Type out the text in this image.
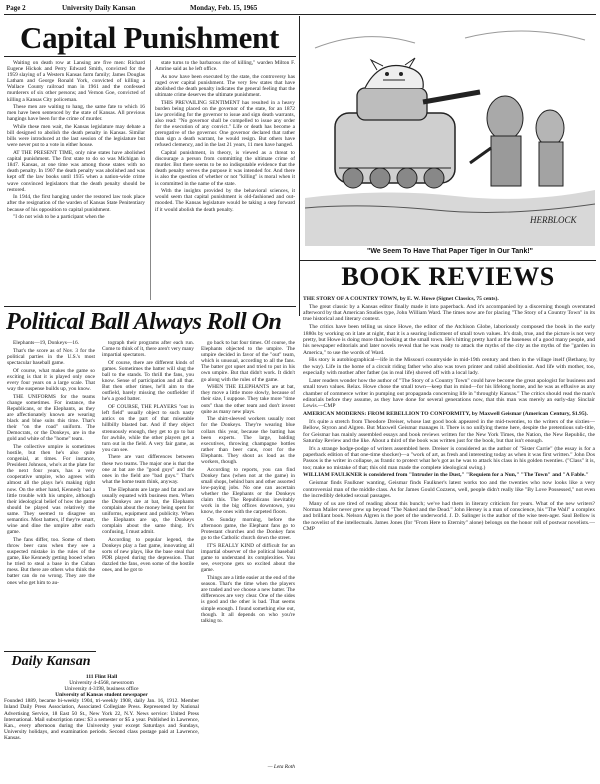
Page 2	University Daily Kansan	Monday, Feb. 15, 1965
Capital Punishment

Waiting on death row at Lansing are five men: Richard Eugene Hickok and Perry Edward Smith, convicted for the 1959 slaying of a Western Kansas farm family; James Douglas Latham and George Ronald York, convicted of killing a Wallace County railroad man in 1961 and the confessed murderers of six other persons; and Vernon Goe, convicted of killing a Kansas City policeman.

These men are waiting to hang, the same fate to which 16 men have been sentenced by the state of Kansas. All previous hangings have been for the crime of murder.

While these men wait, the Kansas legislature may debate a bill designed to abolish the death penalty in Kansas. Similar bills were introduced at the last session of the legislature but were never put to a vote in either house.

AT THE PRESENT TIME, only nine states have abolished capital punishment. The first state to do so was Michigan in 1847. Kansas, at one time was among those states with no death penalty. In 1907 the death penalty was abolished and was kept off the law books until 1935 when a nation-wide crime wave convinced legislators that the death penalty should be restored.

In 1944, the first hanging under the restored law took place after the resignation of the warden of Kansas State Penitentiary because of his opposition to capital punishment.

"I do not wish to be a participant when the

state turns to the barbarous rite of killing," warden Milton F. Amrine said as he left office.

As now have been executed by the state, the controversy has raged over capital punishment. The very few states that have abolished the death penalty indicates the general feeling that the ultimate crime deserves the ultimate punishment.

THIS PREVAILING SENTIMENT has resulted in a heavy burden being placed on the governor of the state, for an 1872 law providing for the governor to issue and sign death warrants, also read: "No governor shall be compelled to issue any order for the execution of any convict." Life or death has become a prerogative of the governor. One governor declared that rather than sign a death warrant, he would resign. But others have refused clemency, and in the last 21 years, 11 men have hanged.

Capital punishment, in theory, is viewed as a threat to discourage a person from committing the ultimate crime of murder. But there seems to be no indisputable evidence that the death penalty serves the purpose it was intended for. And there is also the question of whether or not "killing" is moral when it is committed in the name of the state.

With the insights provided by the behavioral sciences, it would seem that capital punishment is old-fashioned and out-mooded. The Kansas legislature would be taking a step forward if it would abolish the death penalty.

HERBLOCK
"We Seem To Have That Paper Tiger In Our Tank!"
Political Ball Always Roll On

Elephants—19, Donkeys—16.

That's the score as of Nov. 3 for the political parties in the U.S.'s most spectacular baseball game.

Of course, what makes the game so exciting is that it is played only once every four years on a large scale. That way the suspense builds up, you know.

THE UNIFORMS for the teams change sometimes. For instance, the Republicans, or the Elephants, as they are affectionately known are wearing black and blue suits this time. That's their "on the road" uniform. The Democrats, or the Donkeys, are in the gold and white of the "home" team.

The collective umpire is sometimes hostile, but then he's also quite congenial, at times. For instance, President Johnson, who's at the plate for the next four years, has a very cooperative umpire, who agrees with almost all the plays he's making right now. On the other hand, Kennedy had a little trouble with his umpire, although their ideological belief of how the game should be played was relatively the same. They seemed to disagree on semantics. Most batters, if they're smart, wine and dine the umpire after each game.

The fans differ, too. Some of them throw beer cans when they see a suspected mistake in the rules of the game, like Kennedy getting booed when he tried to steal a base in the Cuban mess. But there are others who think the batter can do no wrong. They are the ones who get him to au-

tograph their programs after each run. Come to think of it, there aren't very many impartial spectators.

Of course, there are different kinds of games. Sometimes the batter will slug the ball to the stands. To thrill the fans, you know. Sense of participation and all that. But then other times, he'll aim to the outfield, barely missing the outfielder if he's a good batter.

OF COURSE, THE PLAYERS "out in left field" usually object to such nasty antics on the part of that miserable hillbilly blasted bat. And if they object strenuously enough, they get to go to bat for awhile, while the other players get a turn out in the field. A very fair game, as you can see.

There are vast differences between these two teams. The major one is that the one at bat are the "good guys" and the ones in the field are "bad guys." That's what the home team think, anyway.

The Elephants are large and fat and are usually equated with business men. When the Donkeys are at bat, the Elephants complain about the money being spent for uniforms, equipment and publicity. When the Elephants are up, the Donkeys complain about the same thing. It's confusing, I must admit.

According to popular legend, the Donkeys play a fast game, innovating all sorts of new plays, like the base steal that PDR played during the depression. That dazzled the fans, even some of the hostile ones, and he got to

go back to bat four times. Of course, the Elephants objected to the umpire. The umpire decided in favor of the "out" team, which is unusual, according to all the fans. The batter got upset and tried to put in his own umpire. But that didn't work. It didn't go along with the rules of the game.

WHEN THE ELEPHANTS are at bat, they move a little more slowly, because of their size, I suppose. They take more "time outs" than the other team and don't invent quite as many new plays.

The shirt-sleeved workers usually root for the Donkeys. They're wearing blue collars this year, because the batting has been experts. The large, balding executives, throwing champagne bottles rather than beer cans, root for the Elephants. They shout as loud as the workers, though.

According to reports, you can find Donkey fans (when not at the game) in small shops, behind bars and other assorted low-paying jobs. No one can ascertain whether the Elephants or the Donkeys claim this. The Republicans inevitably work in the big offices downtown, you know, the ones with the carpeted floors.

On Sunday morning, before the afternoon game, the Elephant fans go to Protestant churches and the Donkey fans go to the Catholic church down the street.

IT'S REALLY KIND of difficult for an impartial observer of the political baseball game to understand its complexities. You see, everyone gets so excited about the game.

Things are a little easier at the end of the season. That's the time when the players are traded and we choose a new batter. The differences are very clear. One of the sides is good and the other is bad. That seems simple enough. I found something else out, though. It all depends on who you're talking to.

— Leta Roth
Daily Kansan
111 Flint Hall
University 4-4568, newsroom
University 4-3198, business office
University of Kansas student newspaper
Founded 1889, became bi-weekly 1904, tri-weekly 1908, daily Jan. 16, 1912. Member Inland Daily Press Association, Associated Collegiate Press. Represented by National Advertising Service, 18 East 50 St., New York 22, N.Y. News service: United Press International. Mail subscription rates: $3 a semester or $5 a year. Published in Lawrence, Kan., every afternoon during the University year except Saturdays and Sundays, University holidays, and examination periods. Second class postage paid at Lawrence, Kansas.
BOOK REVIEWS

THE STORY OF A COUNTRY TOWN, by E. W. Howe (Signet Classics, 75 cents).

The great classic by a Kansas editor finally made it into paperback. And it's accompanied by a discerning though overstated afterword by that American Studies type, John William Ward. The times now are for placing "The Story of a Country Town" in its true historical and literary context.

The critics have been telling us since Howe, the editor of the Atchison Globe, laboriously composed the book in the early 1880s by working on it late at night, that it is a searing indictment of small town values. It's drab, true, and the picture is not very pretty, but Howe is doing more than looking at the small town. He's hitting pretty hard at the baseness of a good many people, and his newspaper editorials and later novels reveal that he was ready to attack the myths of the city as the myths of the "garden in America," to use the words of Ward.

His story is autobiographical—life in the Missouri countryside in mid-19th century and then in the village itself (Bethany, by the way). Life in the home of a circuit riding father who also was town printer and rabid abolitionist. And life with mother, too, especially with mother after father (as in real life) shoved off with a local lady.

Later readers wonder how the author of "The Story of a Country Town" could have become the great apologist for business and small town values. Relax. Howe chose the small town—keep that in mind—for his lifelong home, and he was as effusive as any chamber of commerce writer in pumping out propaganda concerning life in "throughly Kansas." The critics should read the man's editorials before they assume, as they have done for several generations now, that this man was merely an early-day Sinclair Lewis.—CMP

AMERICAN MODERNS: FROM REBELLION TO CONFORMITY, by Maxwell Geismar (American Century, $1.95).

It's quite a stretch from Theodore Dreiser, whose last good book appeared in the mid-twenties, to the writers of the sixties—Bellow, Styron and Algren. But Maxwell Geismar manages it. There is no unifying theme here, despite the pretentious sub-title, for Geismar has mainly assembled essays and book reviews written for the New York Times, the Nation, the New Republic, the Saturday Review and the like. About a third of the book was written just for the book, but that isn't enough.

It's a strange hodge-podge of writers assembled here. Dreiser is considered as the author of "Sister Carrie" (the essay is for a paperback edition of that one-time shocker)—a "work of art, as fresh and interesting today as when it was first written." John Dos Passos is the writer in collapse, as frantic to protect what he's got as he was to attack his class in his golden twenties. ("Class" it is, too; make no mistake of that; this old man made the complete ideological swing.)

WILLIAM FAULKNER is considered from "Intruder in the Dust," "Requiem for a Nun," "The Town" and "A Fable."

Geismar finds Faulkner wanting, Geismar finds Faulkner's latest works too and the twenties who now looks like a very controversial man of the middle class. As for James Gould Cozzens, well, people didn't really like "By Love Possessed," not even the incredibly deluded sexual passages.

Many of us are tired of reading about this bunch; we've had them in literary criticism for years. What of the new writers? Norman Mailer never grew up beyond "The Naked and the Dead." John Hersey is a man of conscience, his "The Wall" a complex and brilliant book. Nelson Algren is the poet of the underworld. J. D. Salinger is the author of the wise teen-ager. Saul Bellow is the novelist of the intellectuals. James Jones (for "From Here to Eternity" alone) belongs on the honor roll of postwar novelists.—CMP
